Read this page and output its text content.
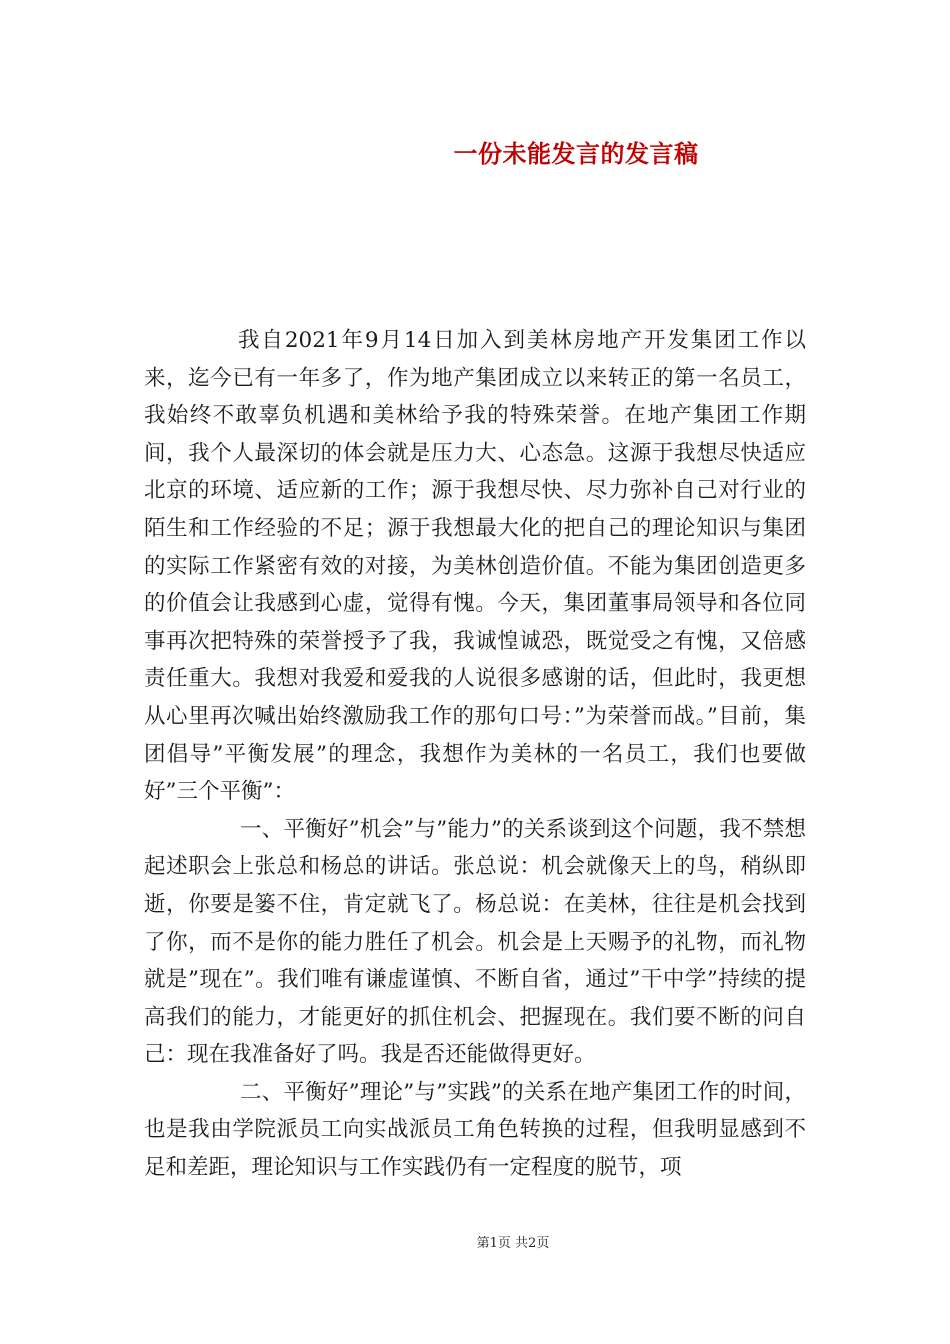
一份未能发言的发言稿

我自2021年9月14日加入到美林房地产开发集团工作以来，迄今已有一年多了，作为地产集团成立以来转正的第一名员工，我始终不敢辜负机遇和美林给予我的特殊荣誉。在地产集团工作期间，我个人最深切的体会就是压力大、心态急。这源于我想尽快适应北京的环境、适应新的工作；源于我想尽快、尽力弥补自己对行业的陌生和工作经验的不足；源于我想最大化的把自己的理论知识与集团的实际工作紧密有效的对接，为美林创造价值。不能为集团创造更多的价值会让我感到心虚，觉得有愧。今天，集团董事局领导和各位同事再次把特殊的荣誉授予了我，我诚惶诚恐，既觉受之有愧，又倍感责任重大。我想对我爱和爱我的人说很多感谢的话，但此时，我更想从心里再次喊出始终激励我工作的那句口号：”为荣誉而战。”目前，集团倡导”平衡发展”的理念，我想作为美林的一名员工，我们也要做好”三个平衡”：

一、平衡好”机会”与”能力”的关系谈到这个问题，我不禁想起述职会上张总和杨总的讲话。张总说：机会就像天上的鸟，稍纵即逝，你要是篓不住，肯定就飞了。杨总说：在美林，往往是机会找到了你，而不是你的能力胜任了机会。机会是上天赐予的礼物，而礼物就是”现在”。我们唯有谦虚谨慎、不断自省，通过”干中学”持续的提高我们的能力，才能更好的抓住机会、把握现在。我们要不断的问自己：现在我准备好了吗。我是否还能做得更好。

二、平衡好”理论”与”实践”的关系在地产集团工作的时间，也是我由学院派员工向实战派员工角色转换的过程，但我明显感到不足和差距，理论知识与工作实践仍有一定程度的脱节，项

第1页 共2页
